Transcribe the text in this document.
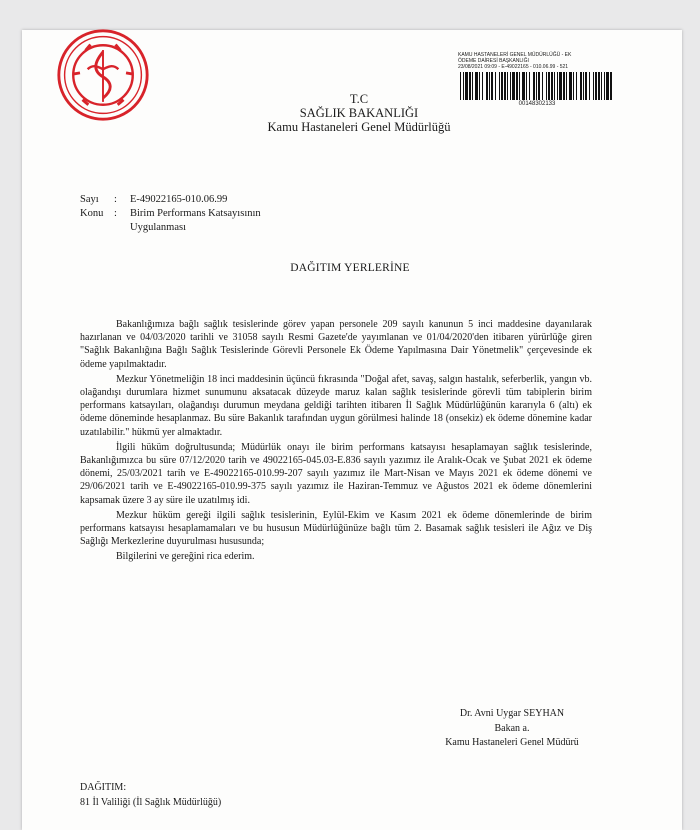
T.C
SAĞLIK BAKANLIĞI
Kamu Hastaneleri Genel Müdürlüğü
KAMU HASTANELERİ GENEL MÜDÜRLÜĞÜ - EK
ÖDEME DAİRESİ BAŞKANLIĞI
23/08/2021 09:09 - E-49022165 - 010.06.99 - 521
00148302133
Sayı	:	E-49022165-010.06.99
Konu	:	Birim Performans Katsayısının
Uygulanması
DAĞITIM YERLERİNE

Bakanlığımıza bağlı sağlık tesislerinde görev yapan personele 209 sayılı kanunun 5 inci maddesine dayanılarak hazırlanan ve 04/03/2020 tarihli ve 31058 sayılı Resmi Gazete'de yayımlanan ve 01/04/2020'den itibaren yürürlüğe giren "Sağlık Bakanlığına Bağlı Sağlık Tesislerinde Görevli Personele Ek Ödeme Yapılmasına Dair Yönetmelik" çerçevesinde ek ödeme yapılmaktadır.

Mezkur Yönetmeliğin 18 inci maddesinin üçüncü fıkrasında "Doğal afet, savaş, salgın hastalık, seferberlik, yangın vb. olağandışı durumlara hizmet sunumunu aksatacak düzeyde maruz kalan sağlık tesislerinde görevli tüm tabiplerin birim performans katsayıları, olağandışı durumun meydana geldiği tarihten itibaren İl Sağlık Müdürlüğünün kararıyla 6 (altı) ek ödeme döneminde hesaplanmaz. Bu süre Bakanlık tarafından uygun görülmesi halinde 18 (onsekiz) ek ödeme dönemine kadar uzatılabilir." hükmü yer almaktadır.

İlgili hüküm doğrultusunda; Müdürlük onayı ile birim performans katsayısı hesaplamayan sağlık tesislerinde, Bakanlığımızca bu süre 07/12/2020 tarih ve 49022165-045.03-E.836 sayılı yazımız ile Aralık-Ocak ve Şubat 2021 ek ödeme dönemi, 25/03/2021 tarih ve E-49022165-010.99-207 sayılı yazımız ile Mart-Nisan ve Mayıs 2021 ek ödeme dönemi ve 29/06/2021 tarih ve E-49022165-010.99-375 sayılı yazımız ile Haziran-Temmuz ve Ağustos 2021 ek ödeme dönemlerini kapsamak üzere 3 ay süre ile uzatılmış idi.

Mezkur hüküm gereği ilgili sağlık tesislerinin, Eylül-Ekim ve Kasım 2021 ek ödeme dönemlerinde de birim performans katsayısı hesaplamamaları ve bu hususun Müdürlüğünüze bağlı tüm 2. Basamak sağlık tesisleri ile Ağız ve Diş Sağlığı Merkezlerine duyurulması hususunda;

Bilgilerini ve gereğini rica ederim.

Dr. Avni Uygar SEYHAN
Bakan a.
Kamu Hastaneleri Genel Müdürü
DAĞITIM:
81 İl Valiliği (İl Sağlık Müdürlüğü)
